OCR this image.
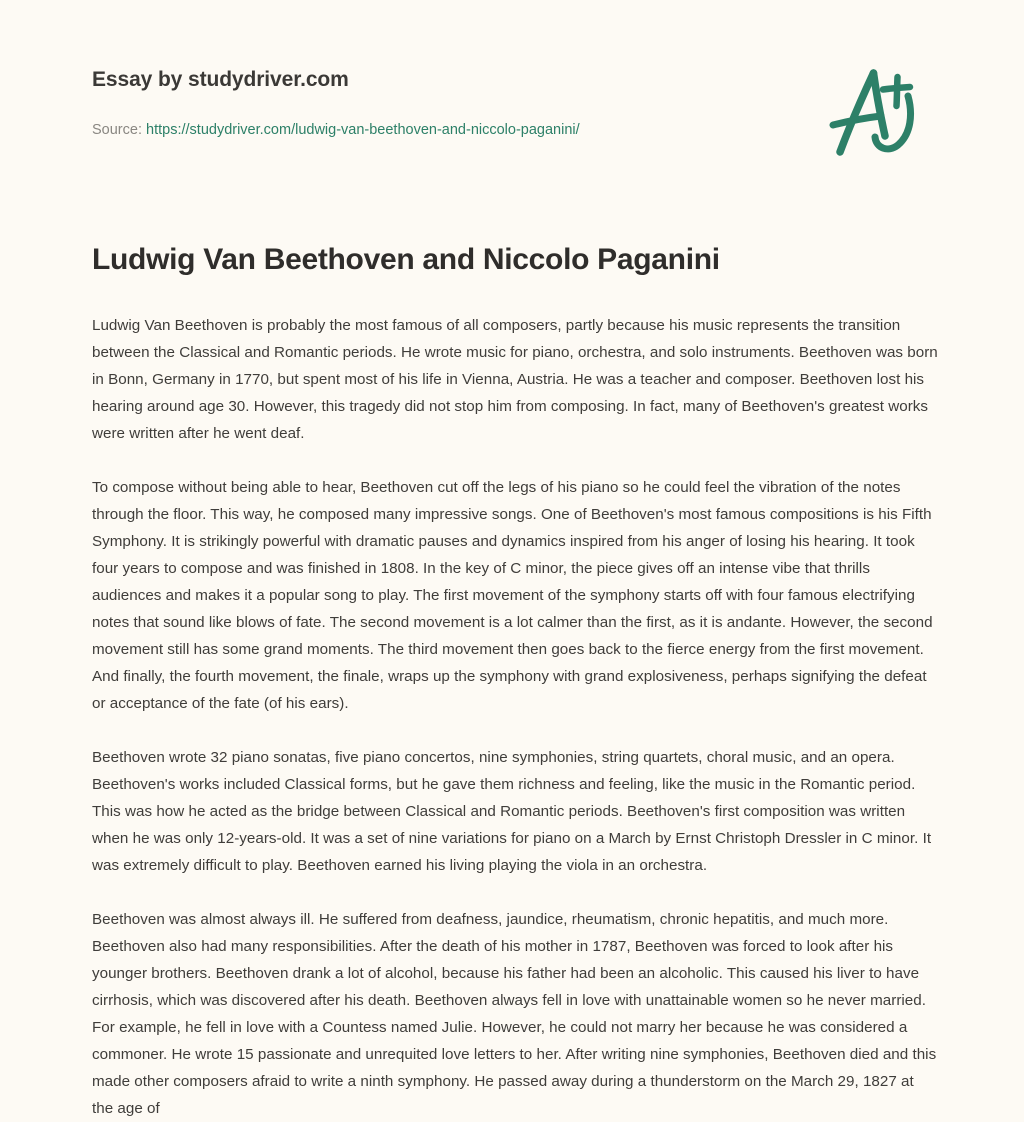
Essay by studydriver.com
Source: https://studydriver.com/ludwig-van-beethoven-and-niccolo-paganini/
Ludwig Van Beethoven and Niccolo Paganini

Ludwig Van Beethoven is probably the most famous of all composers, partly because his music represents the transition between the Classical and Romantic periods. He wrote music for piano, orchestra, and solo instruments. Beethoven was born in Bonn, Germany in 1770, but spent most of his life in Vienna, Austria. He was a teacher and composer. Beethoven lost his hearing around age 30. However, this tragedy did not stop him from composing. In fact, many of Beethoven's greatest works were written after he went deaf.

To compose without being able to hear, Beethoven cut off the legs of his piano so he could feel the vibration of the notes through the floor. This way, he composed many impressive songs. One of Beethoven's most famous compositions is his Fifth Symphony. It is strikingly powerful with dramatic pauses and dynamics inspired from his anger of losing his hearing. It took four years to compose and was finished in 1808. In the key of C minor, the piece gives off an intense vibe that thrills audiences and makes it a popular song to play. The first movement of the symphony starts off with four famous electrifying notes that sound like blows of fate. The second movement is a lot calmer than the first, as it is andante. However, the second movement still has some grand moments. The third movement then goes back to the fierce energy from the first movement. And finally, the fourth movement, the finale, wraps up the symphony with grand explosiveness, perhaps signifying the defeat or acceptance of the fate (of his ears).

Beethoven wrote 32 piano sonatas, five piano concertos, nine symphonies, string quartets, choral music, and an opera. Beethoven's works included Classical forms, but he gave them richness and feeling, like the music in the Romantic period. This was how he acted as the bridge between Classical and Romantic periods. Beethoven's first composition was written when he was only 12-years-old. It was a set of nine variations for piano on a March by Ernst Christoph Dressler in C minor. It was extremely difficult to play. Beethoven earned his living playing the viola in an orchestra.

Beethoven was almost always ill. He suffered from deafness, jaundice, rheumatism, chronic hepatitis, and much more. Beethoven also had many responsibilities. After the death of his mother in 1787, Beethoven was forced to look after his younger brothers. Beethoven drank a lot of alcohol, because his father had been an alcoholic. This caused his liver to have cirrhosis, which was discovered after his death. Beethoven always fell in love with unattainable women so he never married. For example, he fell in love with a Countess named Julie. However, he could not marry her because he was considered a commoner. He wrote 15 passionate and unrequited love letters to her. After writing nine symphonies, Beethoven died and this made other composers afraid to write a ninth symphony. He passed away during a thunderstorm on the March 29, 1827 at the age of
